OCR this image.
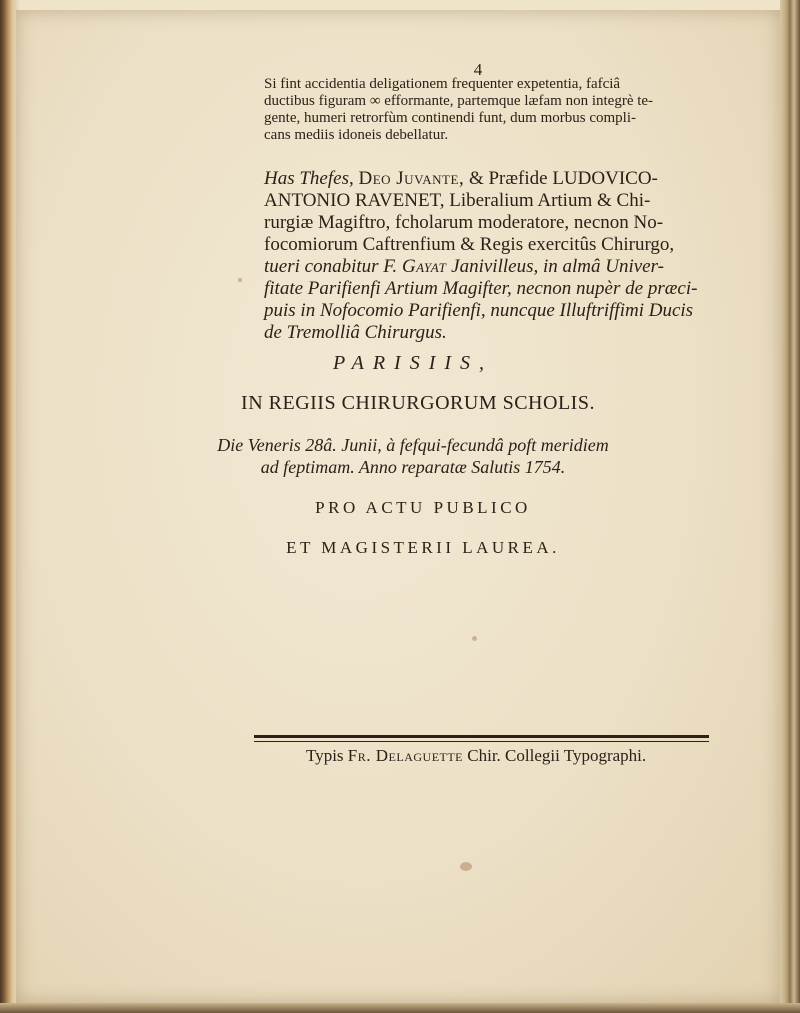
4
Si fint accidentia deligationem frequenter expetentia, fafciâ
ductibus figuram ∞ efformante, partemque læfam non integrè te-
gente, humeri retrorfùm continendi funt, dum morbus compli-
cans mediis idoneis debellatur.
Has Thefes, Deo Juvante, & Præfide LUDOVICO-
ANTONIO RAVENET, Liberalium Artium & Chi-
rurgiæ Magiftro, fcholarum moderatore, necnon No-
focomiorum Caftrenfium & Regis exercitûs Chirurgo,
tueri conabitur F. Gayat Janivilleus, in almâ Univer-
fitate Parifienfi Artium Magifter, necnon nupèr de præci-
puis in Nofocomio Parifienfi, nuncque Illuftriffimi Ducis
de Tremolliâ Chirurgus.
PARISIIS,
IN REGIIS CHIRURGORUM SCHOLIS.
Die Veneris 28â. Junii, à fefqui-fecundâ poft meridiem
ad feptimam. Anno reparatæ Salutis 1754.
PRO ACTU PUBLICO
ET MAGISTERII LAUREA.
Typis Fr. Delaguette Chir. Collegii Typographi.
